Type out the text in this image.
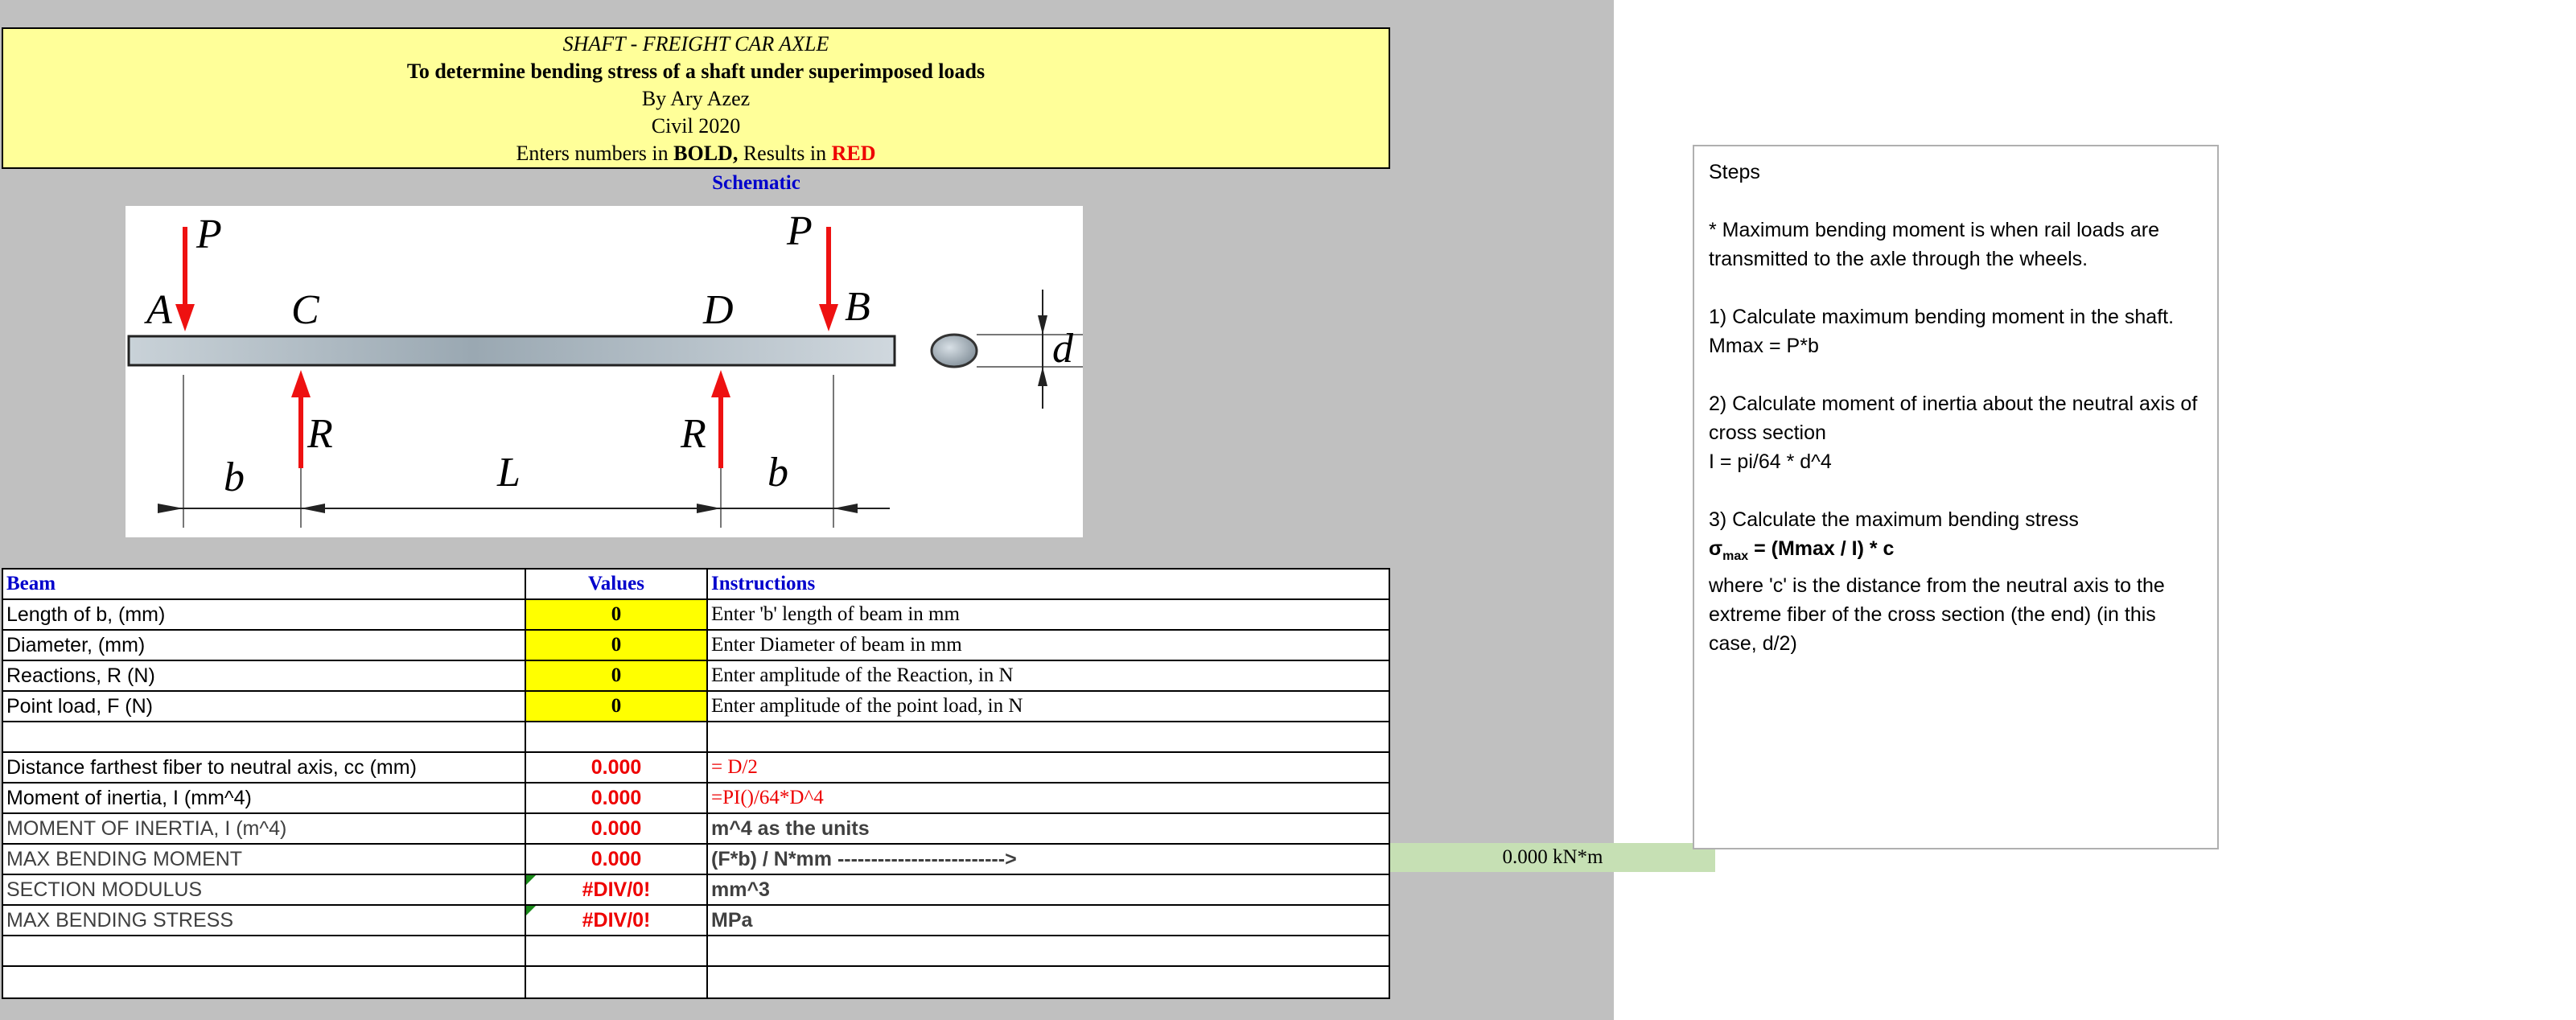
SHAFT - FREIGHT CAR AXLE
To determine bending stress of a shaft under superimposed loads
By Ary Azez
Civil 2020
Enters numbers in BOLD, Results in RED
Schematic
P	P
A	C	D	B
R	R
b	L	b
d
Beam	Values	Instructions
Length of b, (mm)	0	Enter 'b' length of beam in mm
Diameter, (mm)	0	Enter Diameter of beam in mm
Reactions, R (N)	0	Enter amplitude of the Reaction, in N
Point load, F (N)	0	Enter amplitude of the point load, in N
Distance farthest fiber to neutral axis, cc (mm)	0.000	= D/2
Moment of inertia, I (mm^4)	0.000	=PI()/64*D^4
MOMENT OF INERTIA, I (m^4)	0.000	m^4 as the units
MAX BENDING MOMENT	0.000	(F*b) / N*mm ------------------------->
SECTION MODULUS	#DIV/0!	mm^3
MAX BENDING STRESS	#DIV/0!	MPa
0.000 kN*m

Steps

* Maximum bending moment is when rail loads are transmitted to the axle through the wheels.

1) Calculate maximum bending moment in the shaft.

Mmax = P*b

2) Calculate moment of inertia about the neutral axis of cross section

I = pi/64 * d^4

3) Calculate the maximum bending stress

$\sigma_{max} = (Mmax / I) * c$

where 'c' is the distance from the neutral axis to the extreme fiber of the cross section (the end) (in this case, d/2)
